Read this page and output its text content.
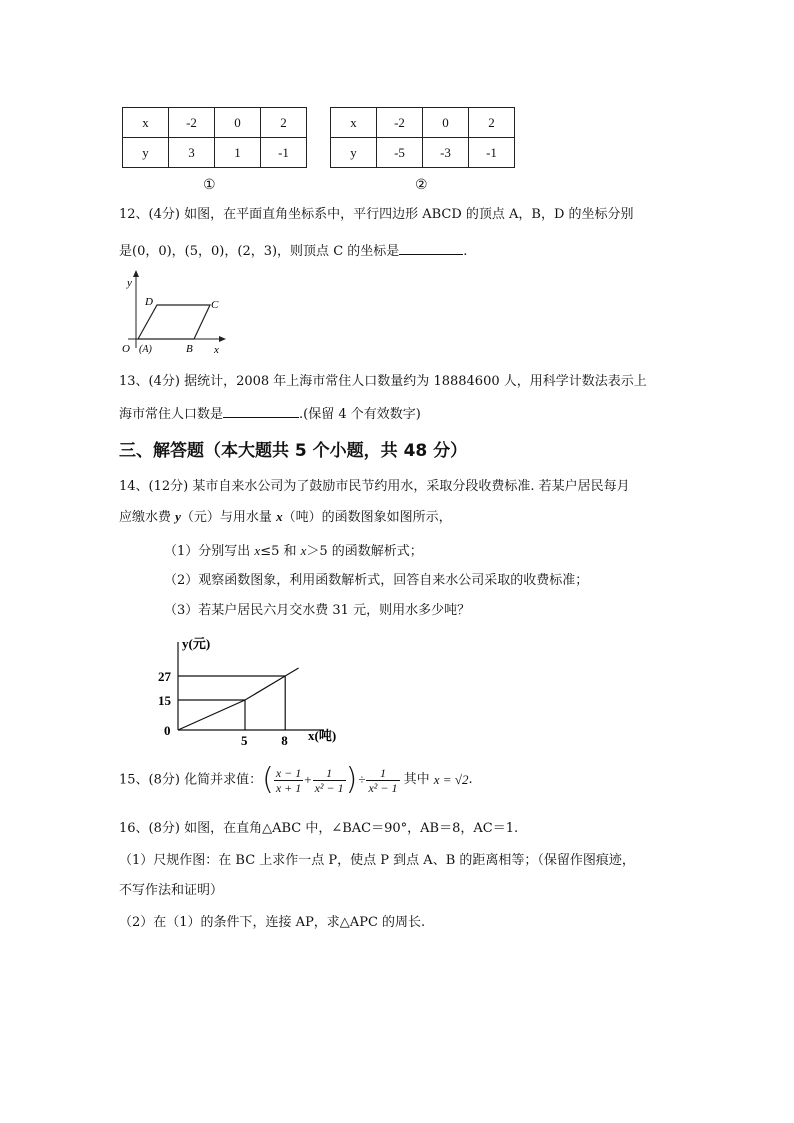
x	-2	0	2
y	3	1	-1
①
x	-2	0	2
y	-5	-3	-1
②
12、(4分) 如图，在平面直角坐标系中，平行四边形 ABCD 的顶点 A，B，D 的坐标分别
是(0，0)，(5，0)，(2，3)，则顶点 C 的坐标是	.
y
x
D	C
O (A)	B
13、(4分) 据统计，2008 年上海市常住人口数量约为 18884600 人，用科学计数法表示上
海市常住人口数是	.(保留 4 个有效数字)
三、解答题（本大题共 5 个小题，共 48 分）
14、(12分) 某市自来水公司为了鼓励市民节约用水，采取分段收费标准. 若某户居民每月
应缴水费 y（元）与用水量 x（吨）的函数图象如图所示，
（1）分别写出 x≤5 和 x＞5 的函数解析式；
（2）观察函数图象，利用函数解析式，回答自来水公司采取的收费标准；
（3）若某户居民六月交水费 31 元，则用水多少吨？
y(元)
x(吨)
0
15
27
5	8
15、(8分) 化简并求值：( $\frac{x - 1}{x + 1} + \frac{1}{\text{x² − 1}}$ )÷ $\frac{1}{\text{x² − 1}}$ 其中 x = √2.
16、(8分) 如图，在直角△ABC 中，∠BAC＝90°，AB＝8，AC＝1.
（1）尺规作图：在 BC 上求作一点 P，使点 P 到点 A、B 的距离相等；（保留作图痕迹，
不写作法和证明）
（2）在（1）的条件下，连接 AP，求△APC 的周长.
